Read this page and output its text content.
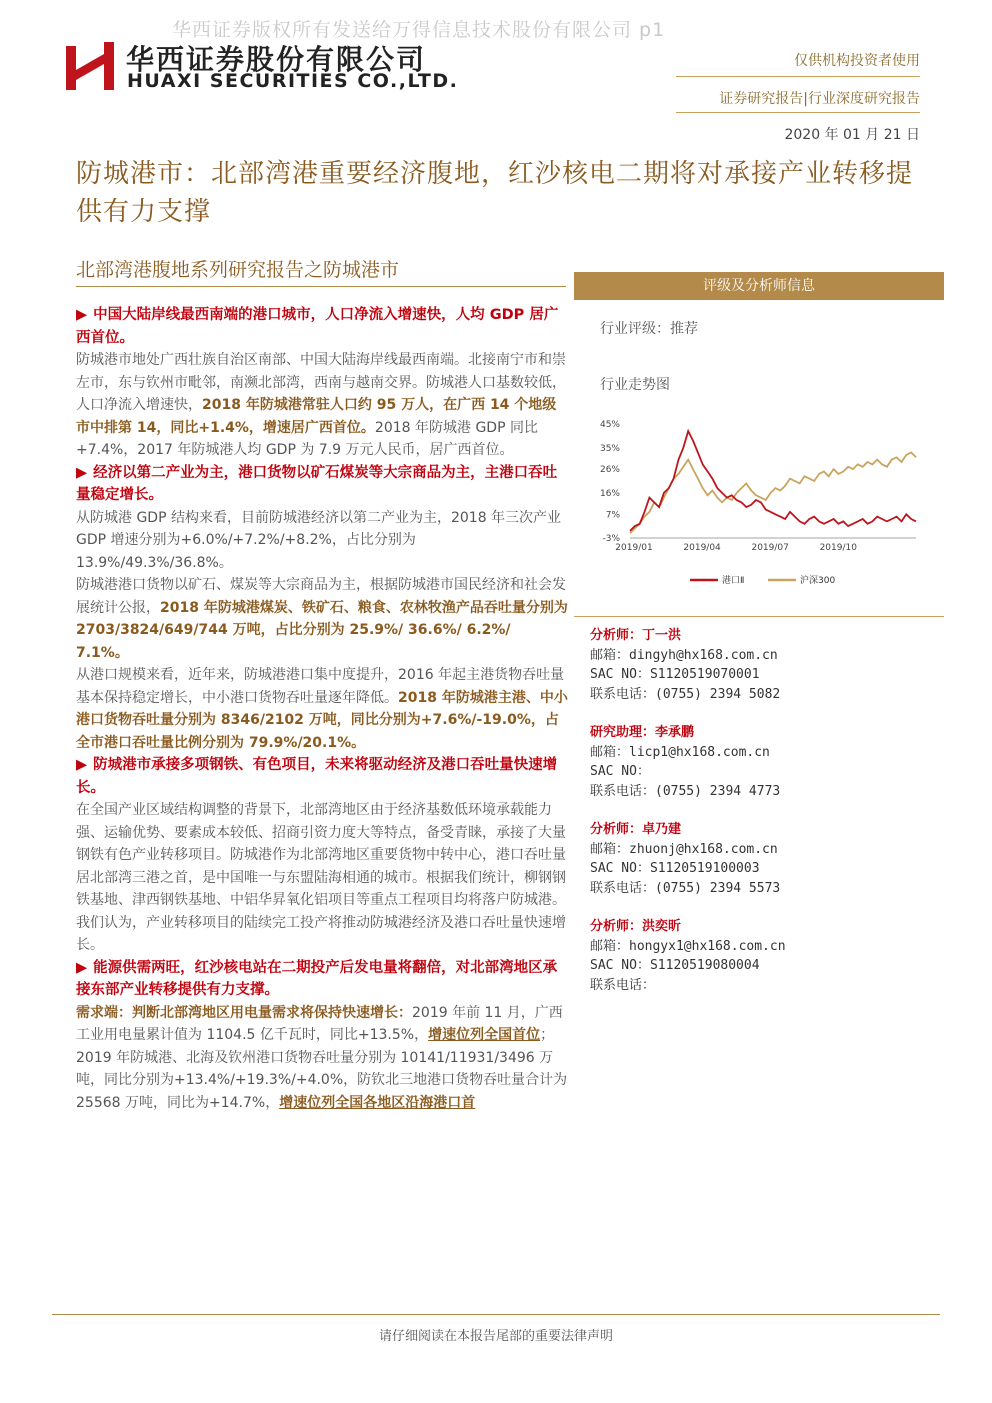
华西证券版权所有发送给万得信息技术股份有限公司 p1
华西证券股份有限公司
HUAXI SECURITIES CO.,LTD.
仅供机构投资者使用
证券研究报告|行业深度研究报告
2020 年 01 月 21 日
防城港市：北部湾港重要经济腹地，红沙核电二期将对承接产业转移提供有力支撑
北部湾港腹地系列研究报告之防城港市
▶ 中国大陆岸线最西南端的港口城市，人口净流入增速快，人均 GDP 居广西首位。
防城港市地处广西壮族自治区南部、中国大陆海岸线最西南端。北接南宁市和崇左市，东与钦州市毗邻，南濒北部湾，西南与越南交界。防城港人口基数较低，人口净流入增速快，2018 年防城港常驻人口约 95 万人，在广西 14 个地级市中排第 14，同比+1.4%，增速居广西首位。2018 年防城港 GDP 同比+7.4%，2017 年防城港人均 GDP 为 7.9 万元人民币，居广西首位。
▶ 经济以第二产业为主，港口货物以矿石煤炭等大宗商品为主，主港口吞吐量稳定增长。
从防城港 GDP 结构来看，目前防城港经济以第二产业为主，2018 年三次产业 GDP 增速分别为+6.0%/+7.2%/+8.2%，占比分别为 13.9%/49.3%/36.8%。
防城港港口货物以矿石、煤炭等大宗商品为主，根据防城港市国民经济和社会发展统计公报，2018 年防城港煤炭、铁矿石、粮食、农林牧渔产品吞吐量分别为 2703/3824/649/744 万吨，占比分别为 25.9%/ 36.6%/ 6.2%/ 7.1%。
从港口规模来看，近年来，防城港港口集中度提升，2016 年起主港货物吞吐量基本保持稳定增长，中小港口货物吞吐量逐年降低。2018 年防城港主港、中小港口货物吞吐量分别为 8346/2102 万吨，同比分别为+7.6%/-19.0%，占全市港口吞吐量比例分别为 79.9%/20.1%。
▶ 防城港市承接多项钢铁、有色项目，未来将驱动经济及港口吞吐量快速增长。
在全国产业区域结构调整的背景下，北部湾地区由于经济基数低环境承载能力强、运输优势、要素成本较低、招商引资力度大等特点，备受青睐，承接了大量钢铁有色产业转移项目。防城港作为北部湾地区重要货物中转中心，港口吞吐量居北部湾三港之首，是中国唯一与东盟陆海相通的城市。根据我们统计，柳钢钢铁基地、津西钢铁基地、中铝华昇氧化铝项目等重点工程项目均将落户防城港。我们认为，产业转移项目的陆续完工投产将推动防城港经济及港口吞吐量快速增长。
▶ 能源供需两旺，红沙核电站在二期投产后发电量将翻倍，对北部湾地区承接东部产业转移提供有力支撑。
需求端：判断北部湾地区用电量需求将保持快速增长：2019 年前 11 月，广西工业用电量累计值为 1104.5 亿千瓦时，同比+13.5%，增速位列全国首位；2019 年防城港、北海及钦州港口货物吞吐量分别为 10141/11931/3496 万吨，同比分别为+13.4%/+19.3%/+4.0%，防钦北三地港口货物吞吐量合计为 25568 万吨，同比为+14.7%，增速位列全国各地区沿海港口首
评级及分析师信息
行业评级：推荐
行业走势图
45%
35%
26%
16%
7%
-3%
2019/01	2019/04	2019/07	2019/10
港口Ⅱ	沪深300
分析师：丁一洪
邮箱：dingyh@hx168.com.cn
SAC NO：S1120519070001
联系电话：(0755) 2394 5082
研究助理：李承鹏
邮箱：licp1@hx168.com.cn
SAC NO：
联系电话：(0755) 2394 4773
分析师：卓乃建
邮箱：zhuonj@hx168.com.cn
SAC NO：S1120519100003
联系电话：(0755) 2394 5573
分析师：洪奕昕
邮箱：hongyx1@hx168.com.cn
SAC NO：S1120519080004
联系电话：
请仔细阅读在本报告尾部的重要法律声明
